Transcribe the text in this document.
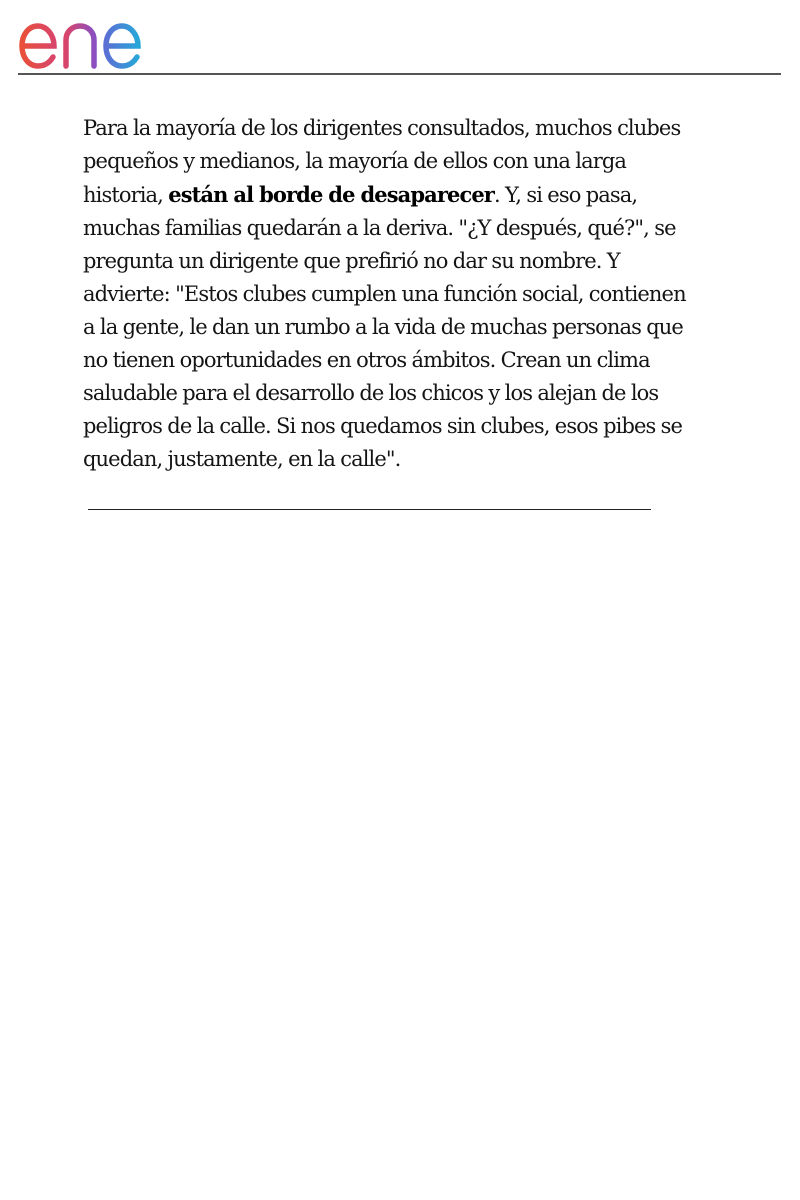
enel

Para la mayoría de los dirigentes consultados, muchos clubes pequeños y medianos, la mayoría de ellos con una larga historia, están al borde de desaparecer. Y, si eso pasa, muchas familias quedarán a la deriva. "¿Y después, qué?", se pregunta un dirigente que prefirió no dar su nombre. Y advierte: "Estos clubes cumplen una función social, contienen a la gente, le dan un rumbo a la vida de muchas personas que no tienen oportunidades en otros ámbitos. Crean un clima saludable para el desarrollo de los chicos y los alejan de los peligros de la calle. Si nos quedamos sin clubes, esos pibes se quedan, justamente, en la calle".
